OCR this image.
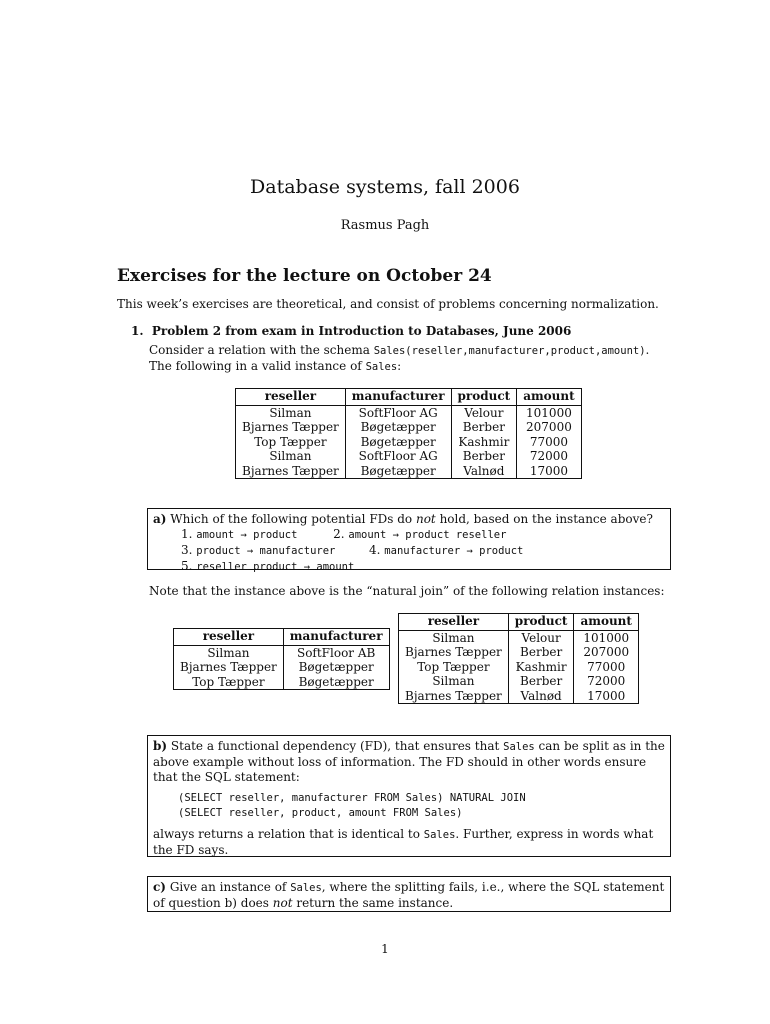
Database systems, fall 2006
Rasmus Pagh
Exercises for the lecture on October 24
This week’s exercises are theoretical, and consist of problems concerning normalization.
1. Problem 2 from exam in Introduction to Databases, June 2006
Consider a relation with the schema Sales(reseller,manufacturer,product,amount).
The following in a valid instance of Sales:
reseller	manufacturer	product	amount
Silman	SoftFloor AG	Velour	101000
Bjarnes Tæpper	Bøgetæpper	Berber	207000
Top Tæpper	Bøgetæpper	Kashmir	77000
Silman	SoftFloor AG	Berber	72000
Bjarnes Tæpper	Bøgetæpper	Valnød	17000
a) Which of the following potential FDs do not hold, based on the instance above?
1. amount → product	2. amount → product reseller
3. product → manufacturer	4. manufacturer → product
5. reseller product → amount
Note that the instance above is the “natural join” of the following relation instances:
reseller	manufacturer
Silman	SoftFloor AB
Bjarnes Tæpper	Bøgetæpper
Top Tæpper	Bøgetæpper
reseller	product	amount
Silman	Velour	101000
Bjarnes Tæpper	Berber	207000
Top Tæpper	Kashmir	77000
Silman	Berber	72000
Bjarnes Tæpper	Valnød	17000
b) State a functional dependency (FD), that ensures that Sales can be split as in the above example without loss of information. The FD should in other words ensure that the SQL statement:
(SELECT reseller, manufacturer FROM Sales) NATURAL JOIN
(SELECT reseller, product, amount FROM Sales)
always returns a relation that is identical to Sales. Further, express in words what the FD says.
c) Give an instance of Sales, where the splitting fails, i.e., where the SQL statement of question b) does not return the same instance.
1
